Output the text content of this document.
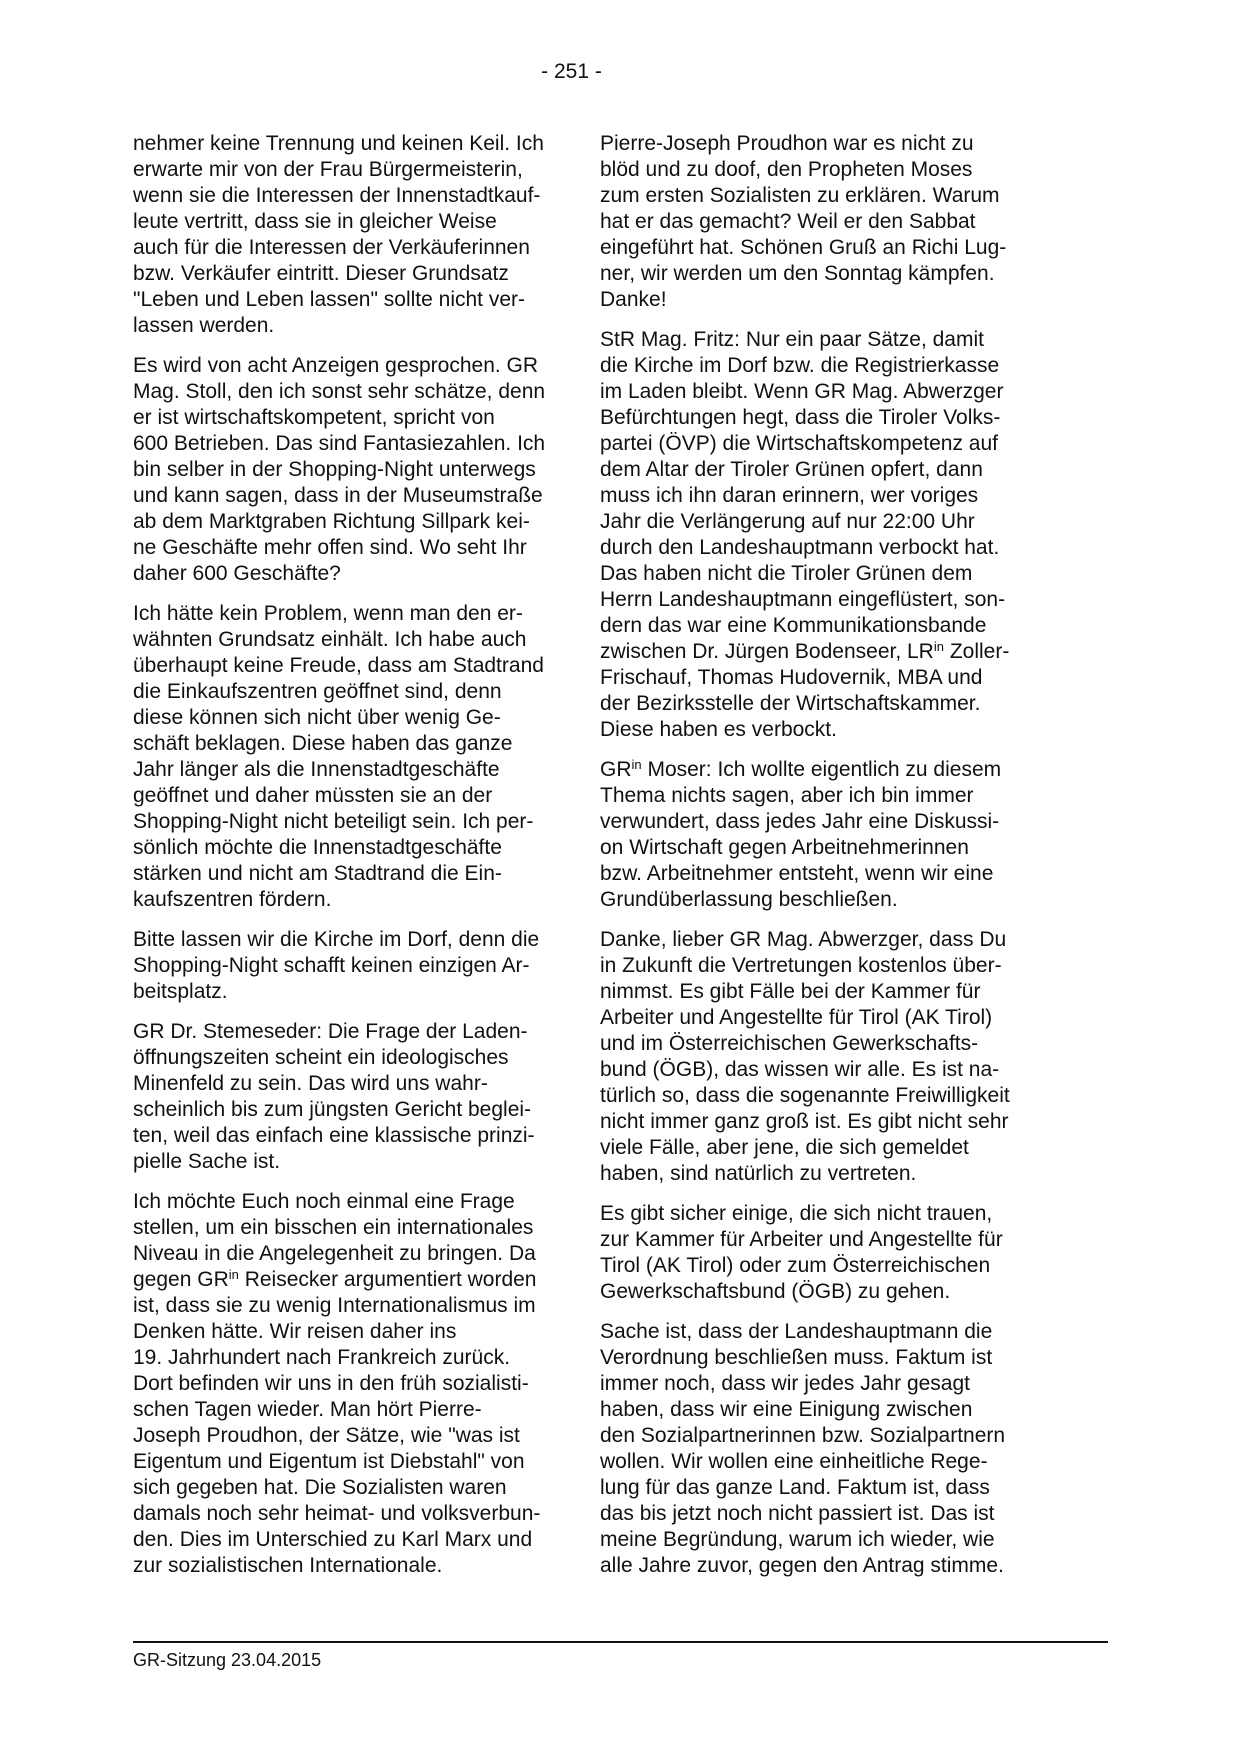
- 251 -

nehmer keine Trennung und keinen Keil. Ich
erwarte mir von der Frau Bürgermeisterin,
wenn sie die Interessen der Innenstadtkauf-
leute vertritt, dass sie in gleicher Weise
auch für die Interessen der Verkäuferinnen
bzw. Verkäufer eintritt. Dieser Grundsatz
"Leben und Leben lassen" sollte nicht ver-
lassen werden.

Es wird von acht Anzeigen gesprochen. GR
Mag. Stoll, den ich sonst sehr schätze, denn
er ist wirtschaftskompetent, spricht von
600 Betrieben. Das sind Fantasiezahlen. Ich
bin selber in der Shopping-Night unterwegs
und kann sagen, dass in der Museumstraße
ab dem Marktgraben Richtung Sillpark kei-
ne Geschäfte mehr offen sind. Wo seht Ihr
daher 600 Geschäfte?

Ich hätte kein Problem, wenn man den er-
wähnten Grundsatz einhält. Ich habe auch
überhaupt keine Freude, dass am Stadtrand
die Einkaufszentren geöffnet sind, denn
diese können sich nicht über wenig Ge-
schäft beklagen. Diese haben das ganze
Jahr länger als die Innenstadtgeschäfte
geöffnet und daher müssten sie an der
Shopping-Night nicht beteiligt sein. Ich per-
sönlich möchte die Innenstadtgeschäfte
stärken und nicht am Stadtrand die Ein-
kaufszentren fördern.

Bitte lassen wir die Kirche im Dorf, denn die
Shopping-Night schafft keinen einzigen Ar-
beitsplatz.

GR Dr. Stemeseder: Die Frage der Laden-
öffnungszeiten scheint ein ideologisches
Minenfeld zu sein. Das wird uns wahr-
scheinlich bis zum jüngsten Gericht beglei-
ten, weil das einfach eine klassische prinzi-
pielle Sache ist.

Ich möchte Euch noch einmal eine Frage
stellen, um ein bisschen ein internationales
Niveau in die Angelegenheit zu bringen. Da
gegen $GR^{in}$ Reisecker argumentiert worden
ist, dass sie zu wenig Internationalismus im
Denken hätte. Wir reisen daher ins
19. Jahrhundert nach Frankreich zurück.
Dort befinden wir uns in den früh sozialisti-
schen Tagen wieder. Man hört Pierre-
Joseph Proudhon, der Sätze, wie "was ist
Eigentum und Eigentum ist Diebstahl" von
sich gegeben hat. Die Sozialisten waren
damals noch sehr heimat- und volksverbun-
den. Dies im Unterschied zu Karl Marx und
zur sozialistischen Internationale.

Pierre-Joseph Proudhon war es nicht zu
blöd und zu doof, den Propheten Moses
zum ersten Sozialisten zu erklären. Warum
hat er das gemacht? Weil er den Sabbat
eingeführt hat. Schönen Gruß an Richi Lug-
ner, wir werden um den Sonntag kämpfen.
Danke!

StR Mag. Fritz: Nur ein paar Sätze, damit
die Kirche im Dorf bzw. die Registrierkasse
im Laden bleibt. Wenn GR Mag. Abwerzger
Befürchtungen hegt, dass die Tiroler Volks-
partei (ÖVP) die Wirtschaftskompetenz auf
dem Altar der Tiroler Grünen opfert, dann
muss ich ihn daran erinnern, wer voriges
Jahr die Verlängerung auf nur 22:00 Uhr
durch den Landeshauptmann verbockt hat.
Das haben nicht die Tiroler Grünen dem
Herrn Landeshauptmann eingeflüstert, son-
dern das war eine Kommunikationsbande
zwischen Dr. Jürgen Bodenseer, $LR^{in}$ Zoller-
Frischauf, Thomas Hudovernik, MBA und
der Bezirksstelle der Wirtschaftskammer.
Diese haben es verbockt.

$GR^{in}$ Moser: Ich wollte eigentlich zu diesem
Thema nichts sagen, aber ich bin immer
verwundert, dass jedes Jahr eine Diskussi-
on Wirtschaft gegen Arbeitnehmerinnen
bzw. Arbeitnehmer entsteht, wenn wir eine
Grundüberlassung beschließen.

Danke, lieber GR Mag. Abwerzger, dass Du
in Zukunft die Vertretungen kostenlos über-
nimmst. Es gibt Fälle bei der Kammer für
Arbeiter und Angestellte für Tirol (AK Tirol)
und im Österreichischen Gewerkschafts-
bund (ÖGB), das wissen wir alle. Es ist na-
türlich so, dass die sogenannte Freiwilligkeit
nicht immer ganz groß ist. Es gibt nicht sehr
viele Fälle, aber jene, die sich gemeldet
haben, sind natürlich zu vertreten.

Es gibt sicher einige, die sich nicht trauen,
zur Kammer für Arbeiter und Angestellte für
Tirol (AK Tirol) oder zum Österreichischen
Gewerkschaftsbund (ÖGB) zu gehen.

Sache ist, dass der Landeshauptmann die
Verordnung beschließen muss. Faktum ist
immer noch, dass wir jedes Jahr gesagt
haben, dass wir eine Einigung zwischen
den Sozialpartnerinnen bzw. Sozialpartnern
wollen. Wir wollen eine einheitliche Rege-
lung für das ganze Land. Faktum ist, dass
das bis jetzt noch nicht passiert ist. Das ist
meine Begründung, warum ich wieder, wie
alle Jahre zuvor, gegen den Antrag stimme.

GR-Sitzung 23.04.2015
